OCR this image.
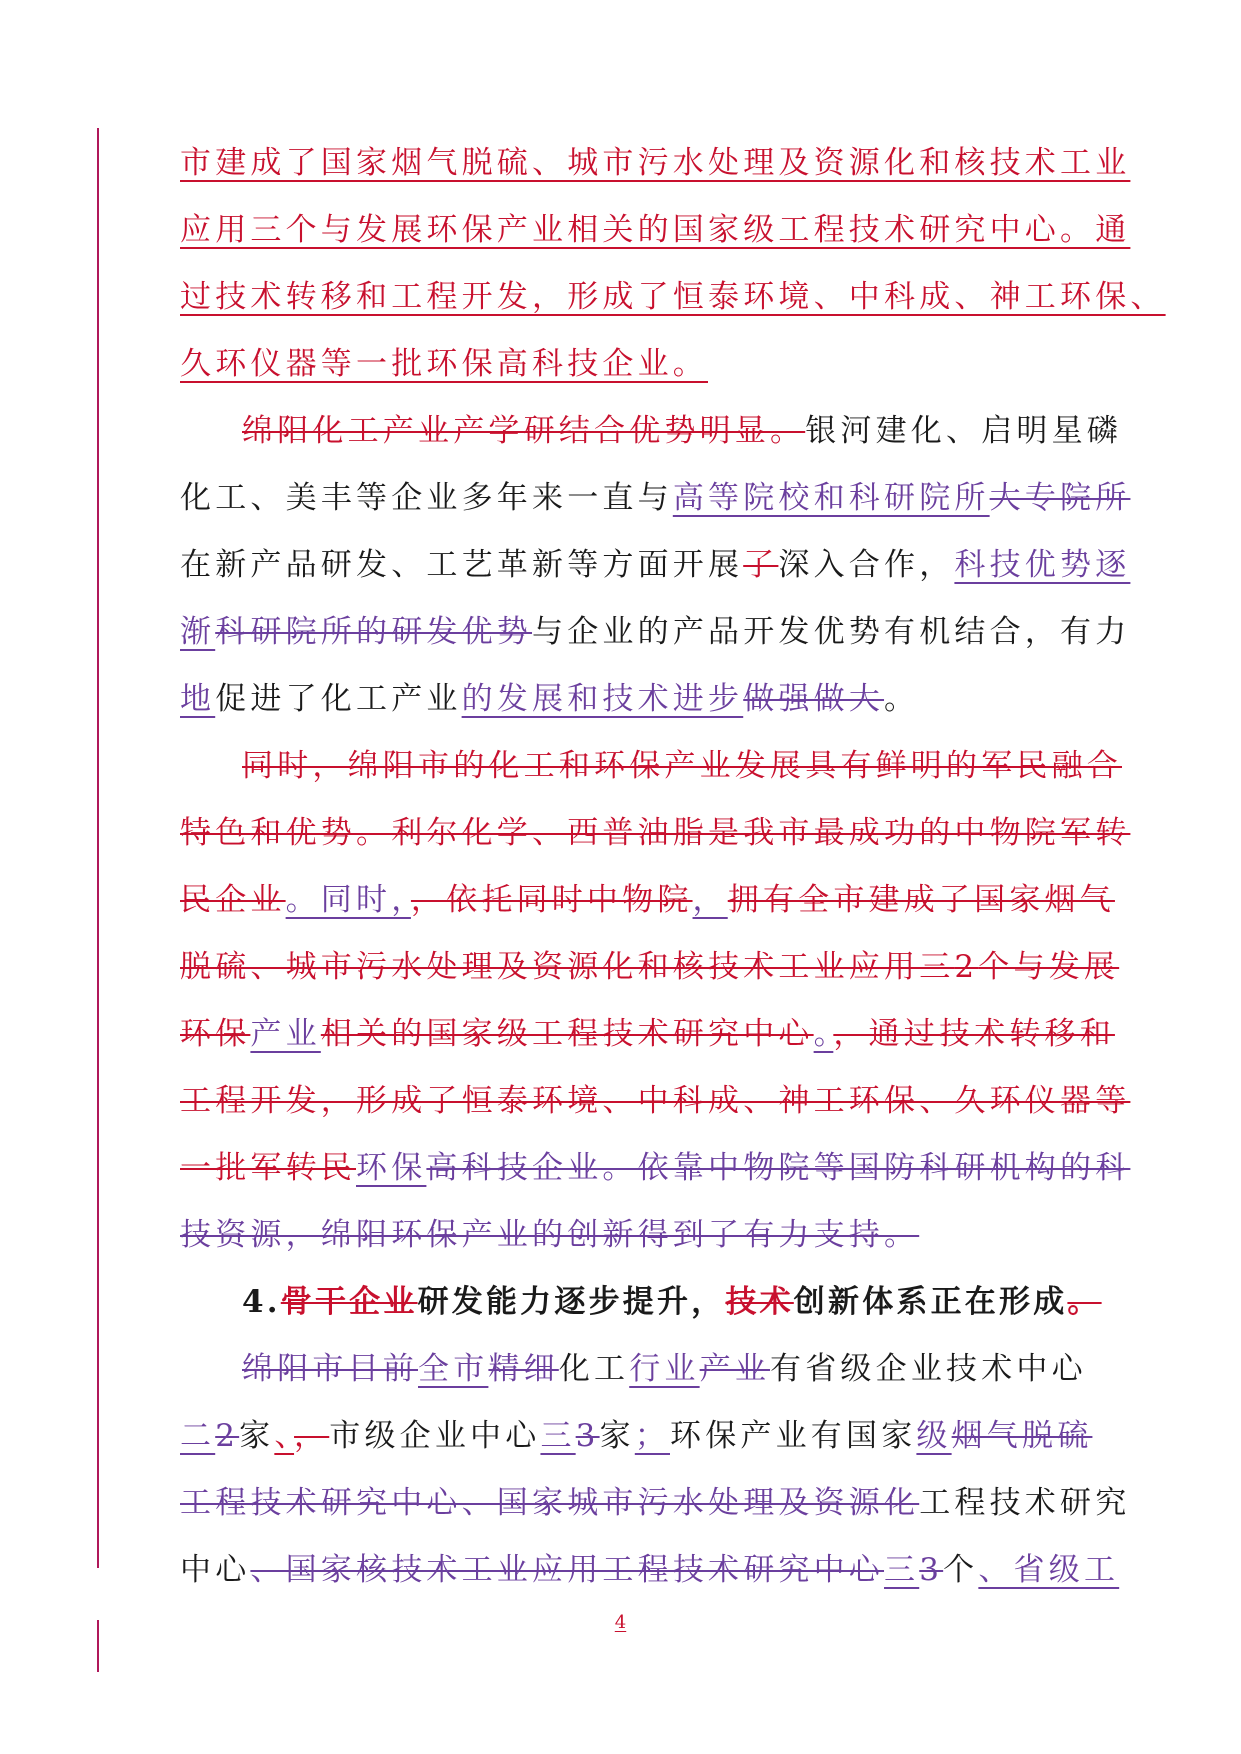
市建成了国家烟气脱硫、城市污水处理及资源化和核技术工业
应用三个与发展环保产业相关的国家级工程技术研究中心。通
过技术转移和工程开发，形成了恒泰环境、中科成、神工环保、
久环仪器等一批环保高科技企业。
绵阳化工产业产学研结合优势明显。银河建化、启明星磷
化工、美丰等企业多年来一直与高等院校和科研院所大专院所
在新产品研发、工艺革新等方面开展了深入合作，科技优势逐
渐科研院所的研发优势与企业的产品开发优势有机结合，有力
地促进了化工产业的发展和技术进步做强做大。
同时，绵阳市的化工和环保产业发展具有鲜明的军民融合
特色和优势。利尔化学、西普油脂是我市最成功的中物院军转
民企业。同时，，依托同时中物院，拥有全市建成了国家烟气
脱硫、城市污水处理及资源化和核技术工业应用三2个与发展
环保产业相关的国家级工程技术研究中心。，通过技术转移和
工程开发，形成了恒泰环境、中科成、神工环保、久环仪器等
一批军转民环保高科技企业。依靠中物院等国防科研机构的科
技资源，绵阳环保产业的创新得到了有力支持。
4.骨干企业研发能力逐步提升，技术创新体系正在形成。
绵阳市目前全市精细化工行业产业有省级企业技术中心
二2家、，市级企业中心三3家；环保产业有国家级烟气脱硫
工程技术研究中心、国家城市污水处理及资源化工程技术研究
中心、国家核技术工业应用工程技术研究中心三3个、省级工
4
